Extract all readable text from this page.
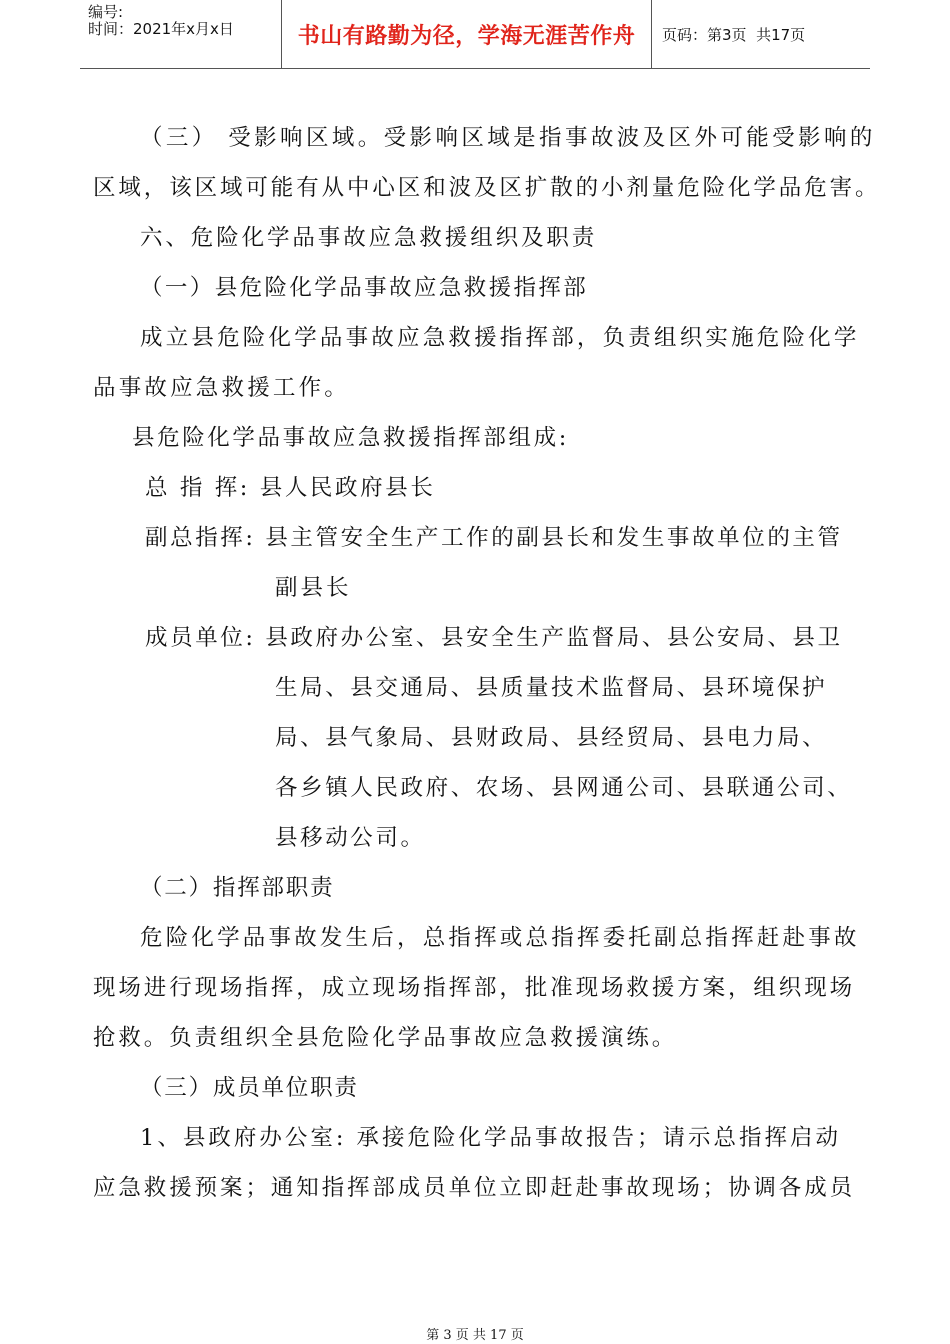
编号:
时间：2021年x月x日	书山有路勤为径，学海无涯苦作舟	页码：第3页  共17页
（三） 受影响区域。受影响区域是指事故波及区外可能受影响的
区域，该区域可能有从中心区和波及区扩散的小剂量危险化学品危害。
六、危险化学品事故应急救援组织及职责
（一）县危险化学品事故应急救援指挥部
成立县危险化学品事故应急救援指挥部，负责组织实施危险化学
品事故应急救援工作。
县危险化学品事故应急救援指挥部组成:
总 指 挥: 县人民政府县长
副总指挥: 县主管安全生产工作的副县长和发生事故单位的主管
副县长
成员单位: 县政府办公室、县安全生产监督局、县公安局、县卫
生局、县交通局、县质量技术监督局、县环境保护
局、县气象局、县财政局、县经贸局、县电力局、
各乡镇人民政府、农场、县网通公司、县联通公司、
县移动公司。
（二）指挥部职责
危险化学品事故发生后，总指挥或总指挥委托副总指挥赶赴事故
现场进行现场指挥，成立现场指挥部，批准现场救援方案，组织现场
抢救。负责组织全县危险化学品事故应急救援演练。
（三）成员单位职责
1、县政府办公室: 承接危险化学品事故报告；请示总指挥启动
应急救援预案；通知指挥部成员单位立即赶赴事故现场；协调各成员
第 3 页 共 17 页
